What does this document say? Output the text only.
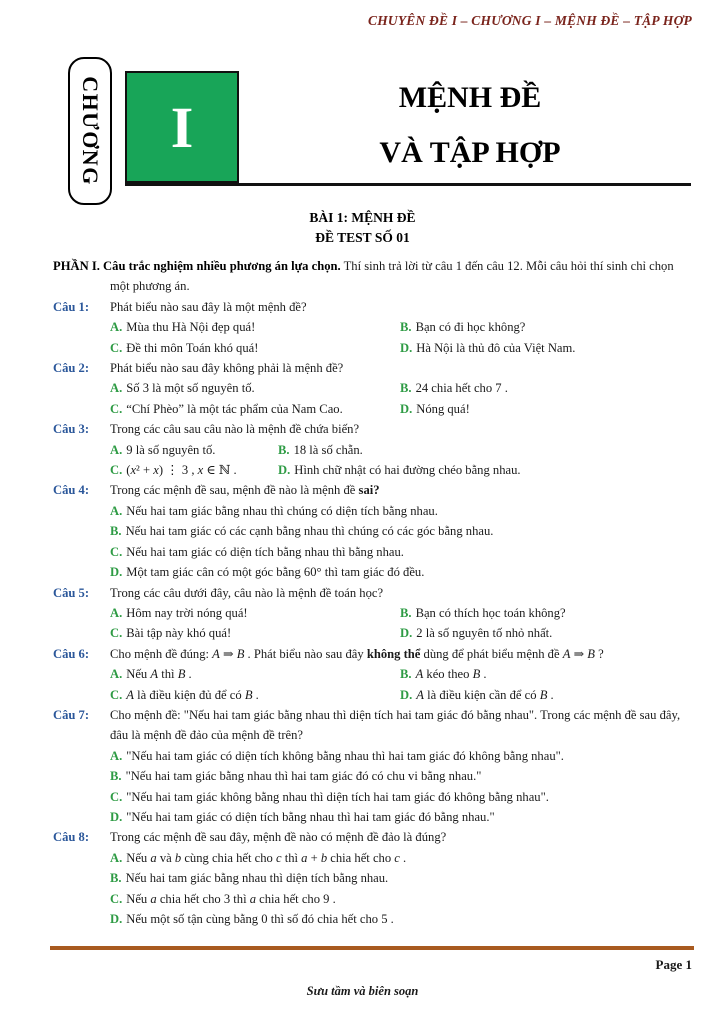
CHUYÊN ĐỀ I – CHƯƠNG I – MỆNH ĐỀ – TẬP HỢP
CHƯƠNG I	MỆNH ĐỀ
VÀ TẬP HỢP
BÀI 1: MỆNH ĐỀ
ĐỀ TEST SỐ 01
PHẦN I. Câu trắc nghiệm nhiều phương án lựa chọn. Thí sinh trả lời từ câu 1 đến câu 12. Mỗi câu hỏi thí sinh chỉ chọn một phương án.
Câu 1:	Phát biểu nào sau đây là một mệnh đề?
A. Mùa thu Hà Nội đẹp quá!	B. Bạn có đi học không?
C. Đề thi môn Toán khó quá!	D. Hà Nội là thủ đô của Việt Nam.
Câu 2:	Phát biểu nào sau đây không phải là mệnh đề?
A. Số 3 là một số nguyên tố.	B. 24 chia hết cho 7 .
C. “Chí Phèo” là một tác phẩm của Nam Cao.	D. Nóng quá!
Câu 3:	Trong các câu sau câu nào là mệnh đề chứa biến?
A. 9 là số nguyên tố.	B. 18 là số chẵn.
C. (x² + x) ⋮ 3 , x ∈ ℕ .	D. Hình chữ nhật có hai đường chéo bằng nhau.
Câu 4:	Trong các mệnh đề sau, mệnh đề nào là mệnh đề sai?
A. Nếu hai tam giác bằng nhau thì chúng có diện tích bằng nhau.
B. Nếu hai tam giác có các cạnh bằng nhau thì chúng có các góc bằng nhau.
C. Nếu hai tam giác có diện tích bằng nhau thì bằng nhau.
D. Một tam giác cân có một góc bằng 60° thì tam giác đó đều.
Câu 5:	Trong các câu dưới đây, câu nào là mệnh đề toán học?
A. Hôm nay trời nóng quá!	B. Bạn có thích học toán không?
C. Bài tập này khó quá!	D. 2 là số nguyên tố nhỏ nhất.
Câu 6:	Cho mệnh đề đúng: A ⇒ B . Phát biểu nào sau đây không thể dùng để phát biểu mệnh đề A ⇒ B ?
A. Nếu A thì B .	B. A kéo theo B .
C. A là điều kiện đủ để có B .	D. A là điều kiện cần để có B .
Câu 7:	Cho mệnh đề: "Nếu hai tam giác bằng nhau thì diện tích hai tam giác đó bằng nhau". Trong các mệnh đề sau đây, đâu là mệnh đề đảo của mệnh đề trên?
A. "Nếu hai tam giác có diện tích không bằng nhau thì hai tam giác đó không bằng nhau".
B. "Nếu hai tam giác bằng nhau thì hai tam giác đó có chu vi bằng nhau."
C. "Nếu hai tam giác không bằng nhau thì diện tích hai tam giác đó không bằng nhau".
D. "Nếu hai tam giác có diện tích bằng nhau thì hai tam giác đó bằng nhau."
Câu 8:	Trong các mệnh đề sau đây, mệnh đề nào có mệnh đề đảo là đúng?
A. Nếu a và b cùng chia hết cho c thì a + b chia hết cho c .
B. Nếu hai tam giác bằng nhau thì diện tích bằng nhau.
C. Nếu a chia hết cho 3 thì a chia hết cho 9 .
D. Nếu một số tận cùng bằng 0 thì số đó chia hết cho 5 .
Page 1
Sưu tầm và biên soạn
